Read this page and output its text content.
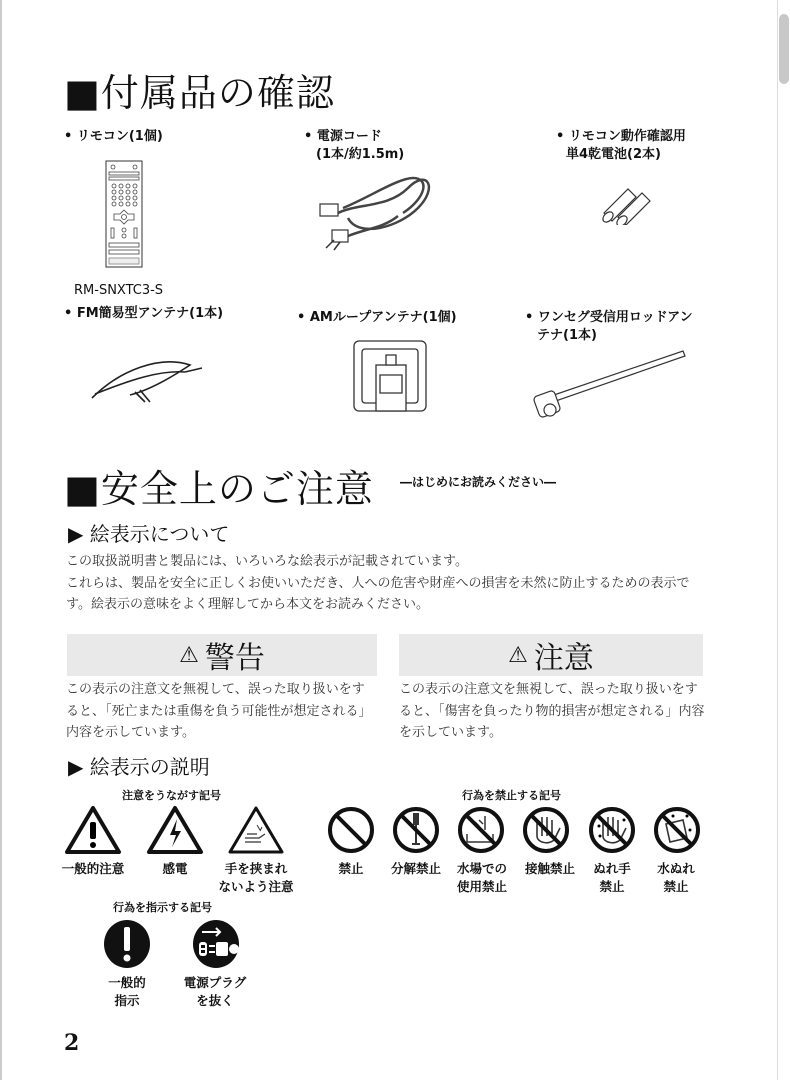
■付属品の確認
• リモコン(1個)	• 電源コード
(1本/約1.5m)
• リモコン動作確認用
単4乾電池(2本)
RM-SNXTC3-S
• FM簡易型アンテナ(1本)	• AMループアンテナ(1個)	• ワンセグ受信用ロッドアン
テナ(1本)
■安全上のご注意 ―はじめにお読みください―
▶ 絵表示について
この取扱説明書と製品には、いろいろな絵表示が記載されています。
これらは、製品を安全に正しくお使いいただき、人への危害や財産への損害を未然に防止するための表示で
す。絵表示の意味をよく理解してから本文をお読みください。
⚠ 警告
この表示の注意文を無視して、誤った取り扱いをす
ると、「死亡または重傷を負う可能性が想定される」
内容を示しています。
⚠ 注意
この表示の注意文を無視して、誤った取り扱いをす
ると、「傷害を負ったり物的損害が想定される」内容
を示しています。
▶ 絵表示の説明
注意をうながす記号	行為を禁止する記号
一般的注意	感電	手を挟まれ
ないよう注意
禁止	分解禁止	水場での
使用禁止
接触禁止	ぬれ手
禁止
水ぬれ
禁止
行為を指示する記号
一般的
指示
電源プラグ
を抜く
2
